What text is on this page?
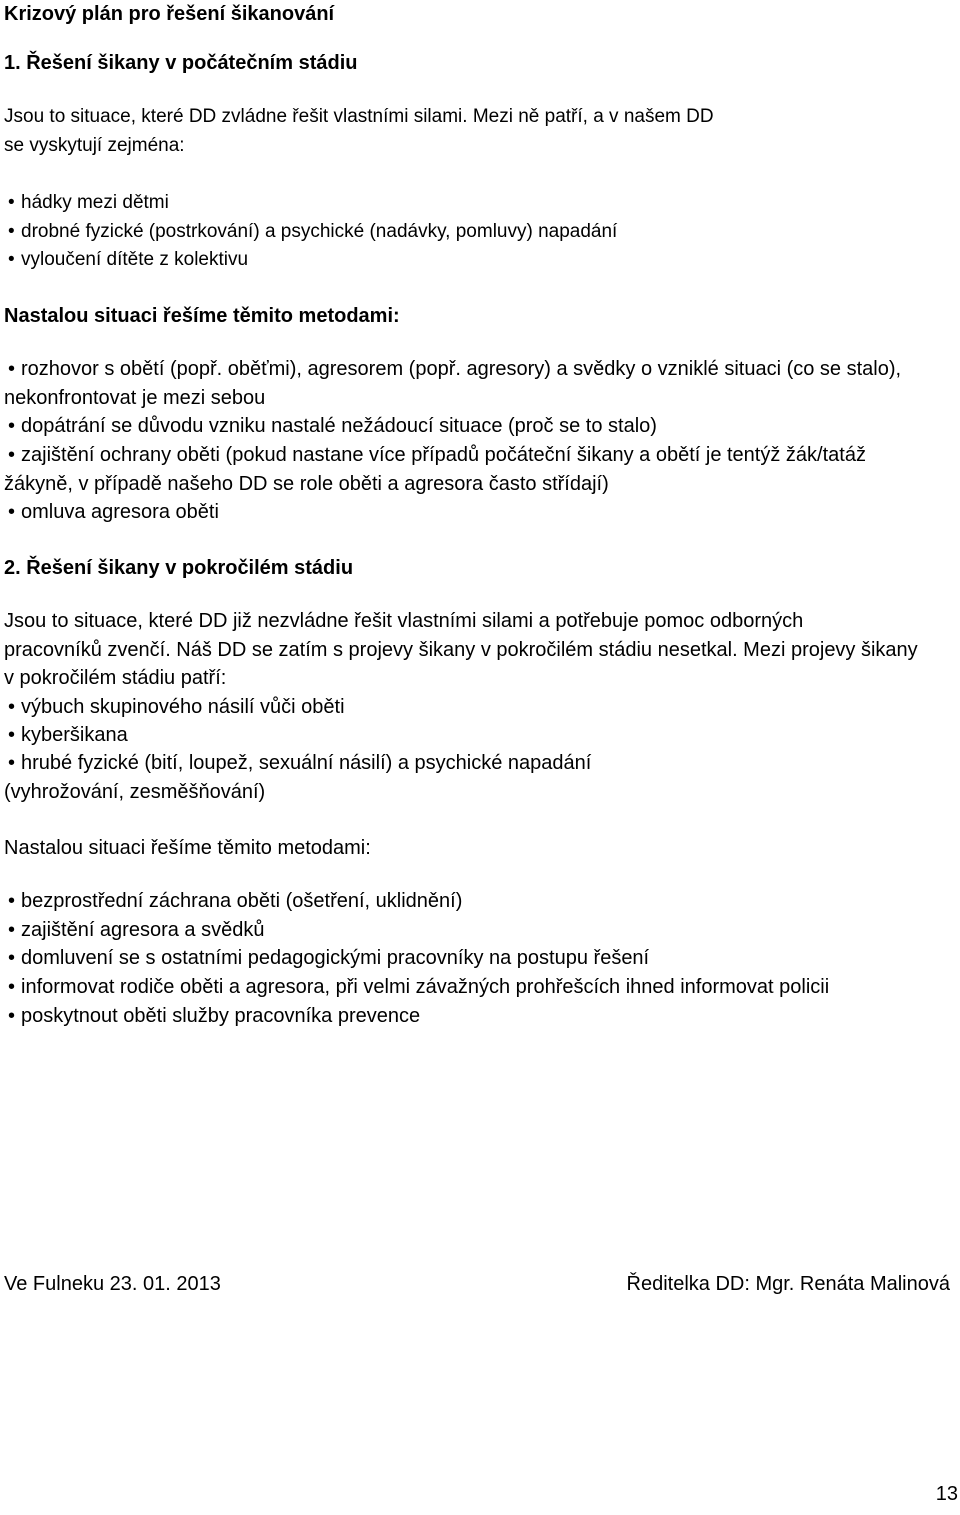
Krizový plán pro řešení šikanování
1. Řešení šikany v počátečním stádiu
Jsou to situace, které DD zvládne řešit vlastními silami. Mezi ně patří, a v našem DD
se vyskytují zejména:
• hádky mezi dětmi
• drobné fyzické (postrkování) a psychické (nadávky, pomluvy) napadání
• vyloučení dítěte z kolektivu
Nastalou situaci řešíme těmito metodami:
• rozhovor s obětí (popř. oběťmi), agresorem (popř. agresory) a svědky o vzniklé situaci (co se stalo),
nekonfrontovat je mezi sebou
• dopátrání se důvodu vzniku nastalé nežádoucí situace (proč se to stalo)
• zajištění ochrany oběti (pokud nastane více případů počáteční šikany a obětí je tentýž žák/tatáž
žákyně, v případě našeho DD se role oběti a agresora často střídají)
• omluva agresora oběti
2. Řešení šikany v pokročilém stádiu
Jsou to situace, které DD již nezvládne řešit vlastními silami a potřebuje pomoc odborných
pracovníků zvenčí. Náš DD se zatím s projevy šikany v pokročilém stádiu nesetkal. Mezi projevy šikany
v pokročilém stádiu patří:
• výbuch skupinového násilí vůči oběti
• kyberšikana
• hrubé fyzické (bití, loupež, sexuální násilí) a psychické napadání
(vyhrožování, zesměšňování)
Nastalou situaci řešíme těmito metodami:
• bezprostřední záchrana oběti (ošetření, uklidnění)
• zajištění agresora a svědků
• domluvení se s ostatními pedagogickými pracovníky na postupu řešení
• informovat rodiče oběti a agresora, při velmi závažných prohřešcích ihned informovat policii
• poskytnout oběti služby pracovníka prevence
Ve Fulneku 23. 01. 2013	Ředitelka DD: Mgr. Renáta Malinová
13
